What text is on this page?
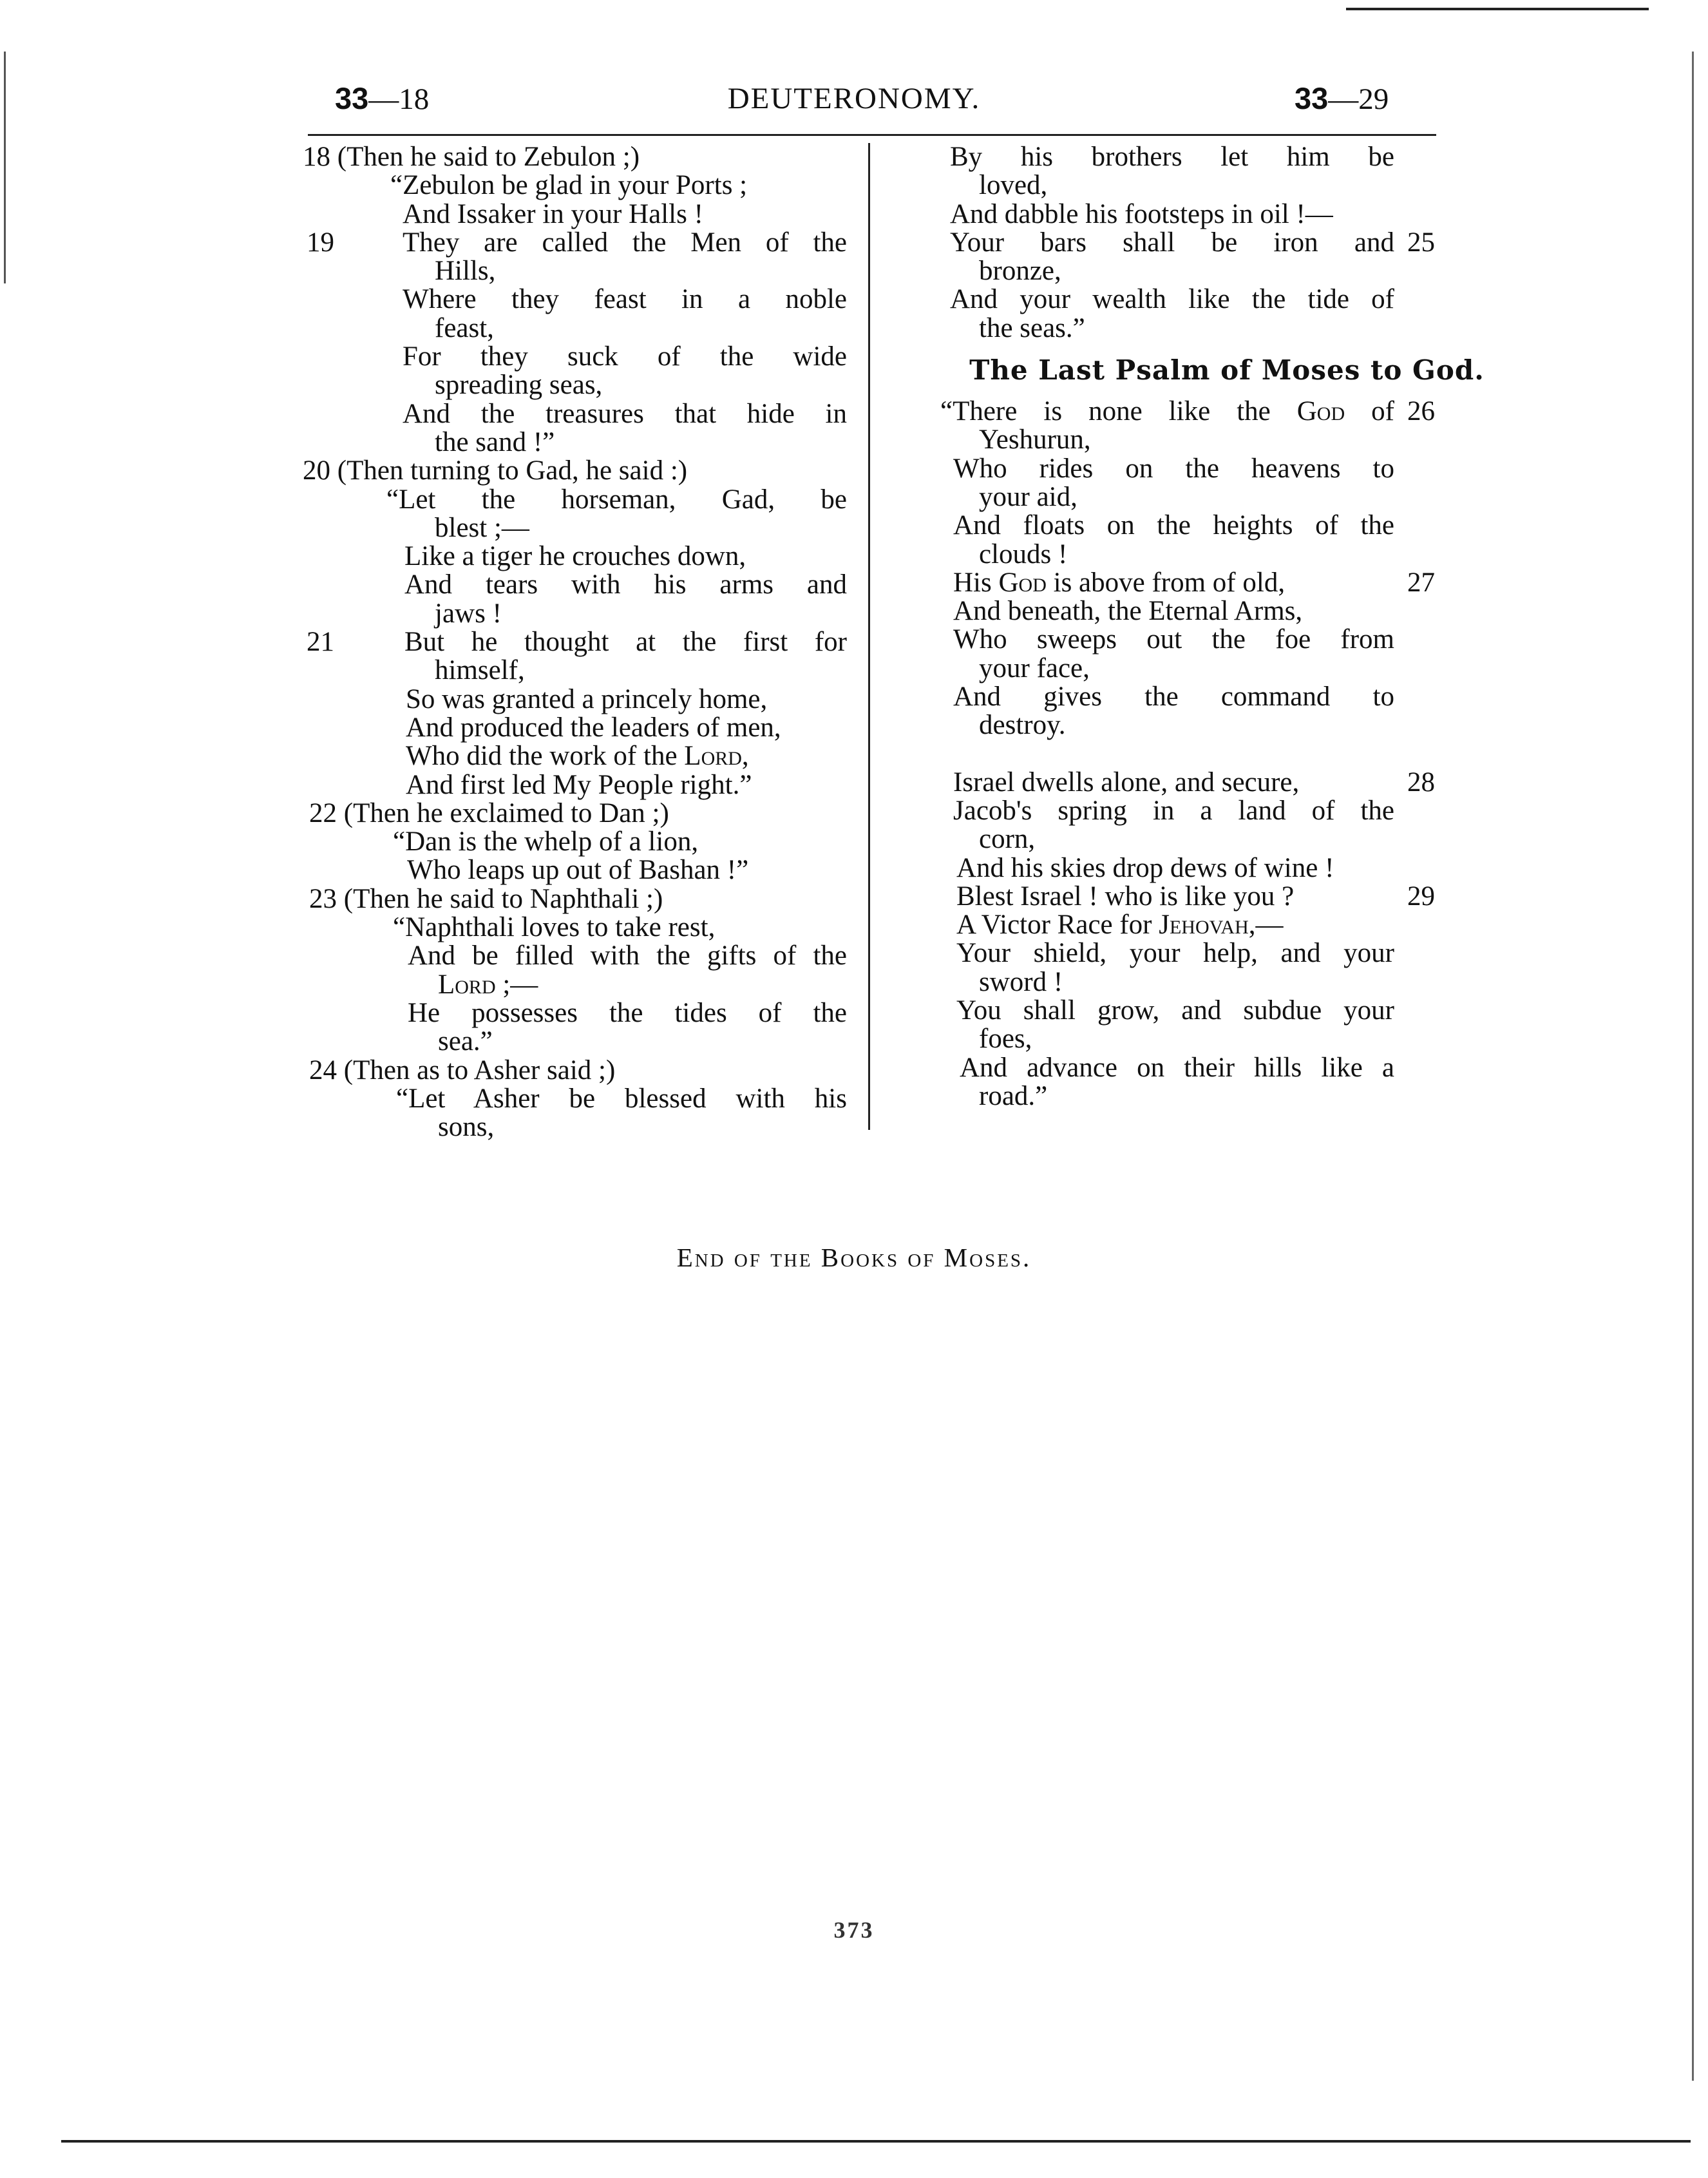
33—18	DEUTERONOMY.	33—29
18 (Then he said to Zebulon ;)
“Zebulon be glad in your Ports ;
And Issaker in your Halls !
They are called the Men of the
19
Hills,
Where they feast in a noble
feast,
For they suck of the wide
spreading seas,
And the treasures that hide in
the sand !”
20 (Then turning to Gad, he said :)
“Let the horseman, Gad, be
blest ;—
Like a tiger he crouches down,
And tears with his arms and
jaws !
But he thought at the first for
21
himself,
So was granted a princely home,
And produced the leaders of men,
Who did the work of the Lord,
And first led My People right.”
22 (Then he exclaimed to Dan ;)
“Dan is the whelp of a lion,
Who leaps up out of Bashan !”
23 (Then he said to Naphthali ;)
“Naphthali loves to take rest,
And be filled with the gifts of the
Lord ;—
He possesses the tides of the
sea.”
24 (Then as to Asher said ;)
“Let Asher be blessed with his
sons,
By his brothers let him be
loved,
And dabble his footsteps in oil !—
Your bars shall be iron and 25
bronze,
And your wealth like the tide of
the seas.”
The Last Psalm of Moses to God.
“There is none like the God of 26
Yeshurun,
Who rides on the heavens to
your aid,
And floats on the heights of the
clouds !
His God is above from of old,	27
And beneath, the Eternal Arms,
Who sweeps out the foe from
your face,
And gives the command to
destroy.
Israel dwells alone, and secure,	28
Jacob's spring in a land of the
corn,
And his skies drop dews of wine !
Blest Israel ! who is like you ?	29
A Victor Race for Jehovah,—
Your shield, your help, and your
sword !
You shall grow, and subdue your
foes,
And advance on their hills like a
road.”
End of the Books of Moses.
373
